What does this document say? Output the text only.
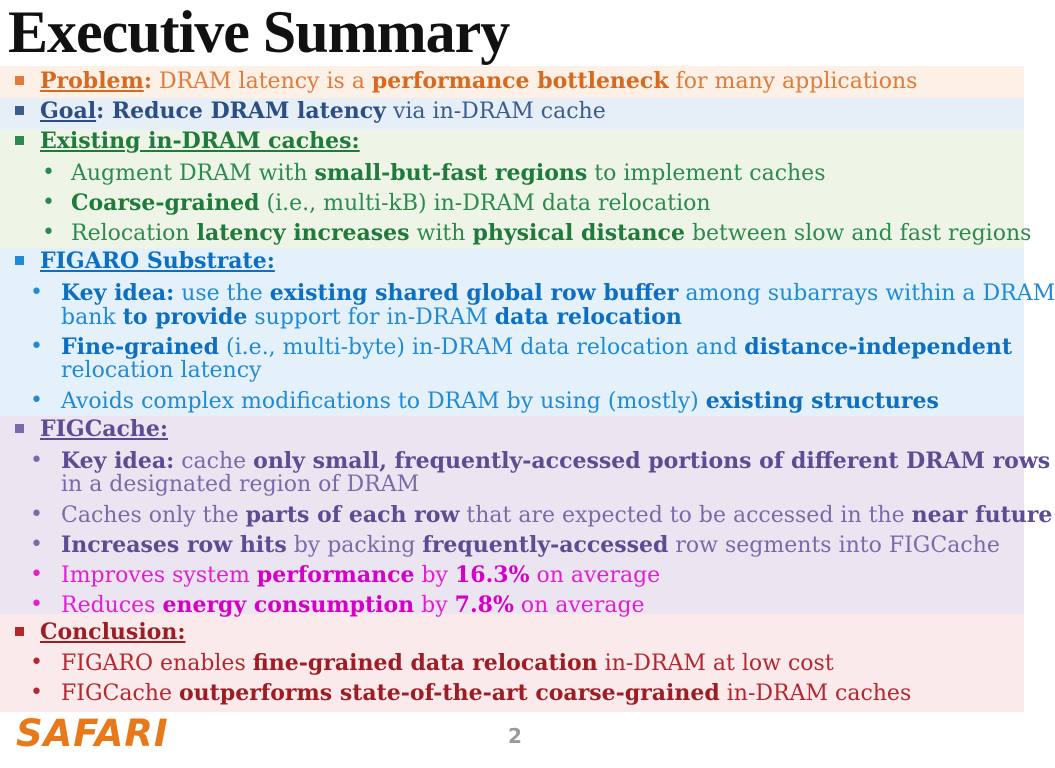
Executive Summary
Problem: DRAM latency is a performance bottleneck for many applications
Goal: Reduce DRAM latency via in-DRAM cache
Existing in-DRAM caches:
• Augment DRAM with small-but-fast regions to implement caches
• Coarse-grained (i.e., multi-kB) in-DRAM data relocation
• Relocation latency increases with physical distance between slow and fast regions
FIGARO Substrate:
• Key idea: use the existing shared global row buffer among subarrays within a DRAM
bank to provide support for in-DRAM data relocation
• Fine-grained (i.e., multi-byte) in-DRAM data relocation and distance-independent
relocation latency
• Avoids complex modifications to DRAM by using (mostly) existing structures
FIGCache:
• Key idea: cache only small, frequently-accessed portions of different DRAM rows
in a designated region of DRAM
• Caches only the parts of each row that are expected to be accessed in the near future
• Increases row hits by packing frequently-accessed row segments into FIGCache
• Improves system performance by 16.3% on average
• Reduces energy consumption by 7.8% on average
Conclusion:
• FIGARO enables fine-grained data relocation in-DRAM at low cost
• FIGCache outperforms state-of-the-art coarse-grained in-DRAM caches
SAFARI	2
